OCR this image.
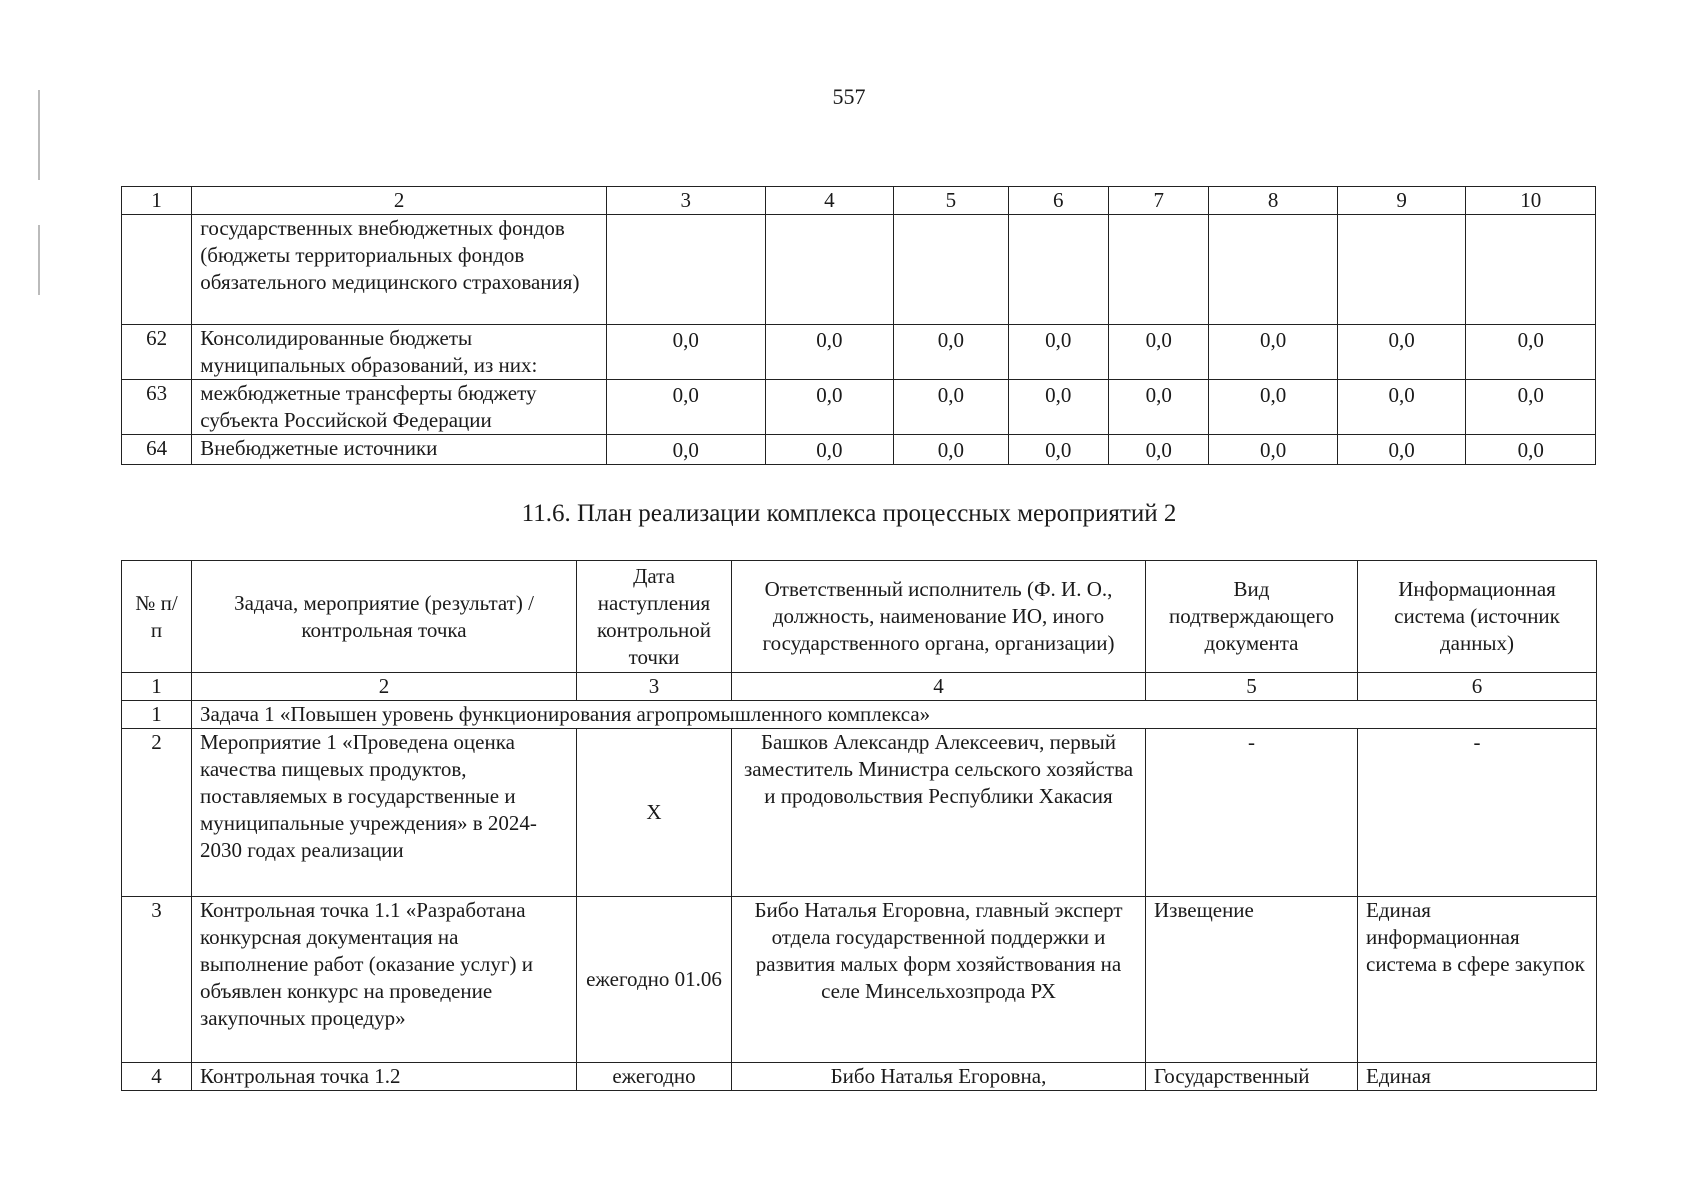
557
1	2	3	4	5	6	7	8	9	10
	государственных внебюджетных фондов (бюджеты территориальных фондов обязательного медицинского страхования)								
62	Консолидированные бюджеты муниципальных образований, из них:	0,0	0,0	0,0	0,0	0,0	0,0	0,0	0,0
63	межбюджетные трансферты бюджету субъекта Российской Федерации	0,0	0,0	0,0	0,0	0,0	0,0	0,0	0,0
64	Внебюджетные источники	0,0	0,0	0,0	0,0	0,0	0,0	0,0	0,0
11.6. План реализации комплекса процессных мероприятий 2
№ п/п	Задача, мероприятие (результат) / контрольная точка	Дата наступления контрольной точки	Ответственный исполнитель (Ф. И. О., должность, наименование ИО, иного государственного органа, организации)	Вид подтверждающего документа	Информационная система (источник данных)
1	2	3	4	5	6
1	Задача 1 «Повышен уровень функционирования агропромышленного комплекса»				
2	Мероприятие 1 «Проведена оценка качества пищевых продуктов, поставляемых в государственные и муниципальные учреждения» в 2024-2030 годах реализации	Х	Башков Александр Алексеевич, первый заместитель Министра сельского хозяйства и продовольствия Республики Хакасия	-	-
3	Контрольная точка 1.1 «Разработана конкурсная документация на выполнение работ (оказание услуг) и объявлен конкурс на проведение закупочных процедур»	ежегодно 01.06	Бибо Наталья Егоровна, главный эксперт отдела государственной поддержки и развития малых форм хозяйствования на селе Минсельхозпрода РХ	Извещение	Единая информационная система в сфере закупок
4	Контрольная точка 1.2	ежегодно	Бибо Наталья Егоровна,	Государственный	Единая
